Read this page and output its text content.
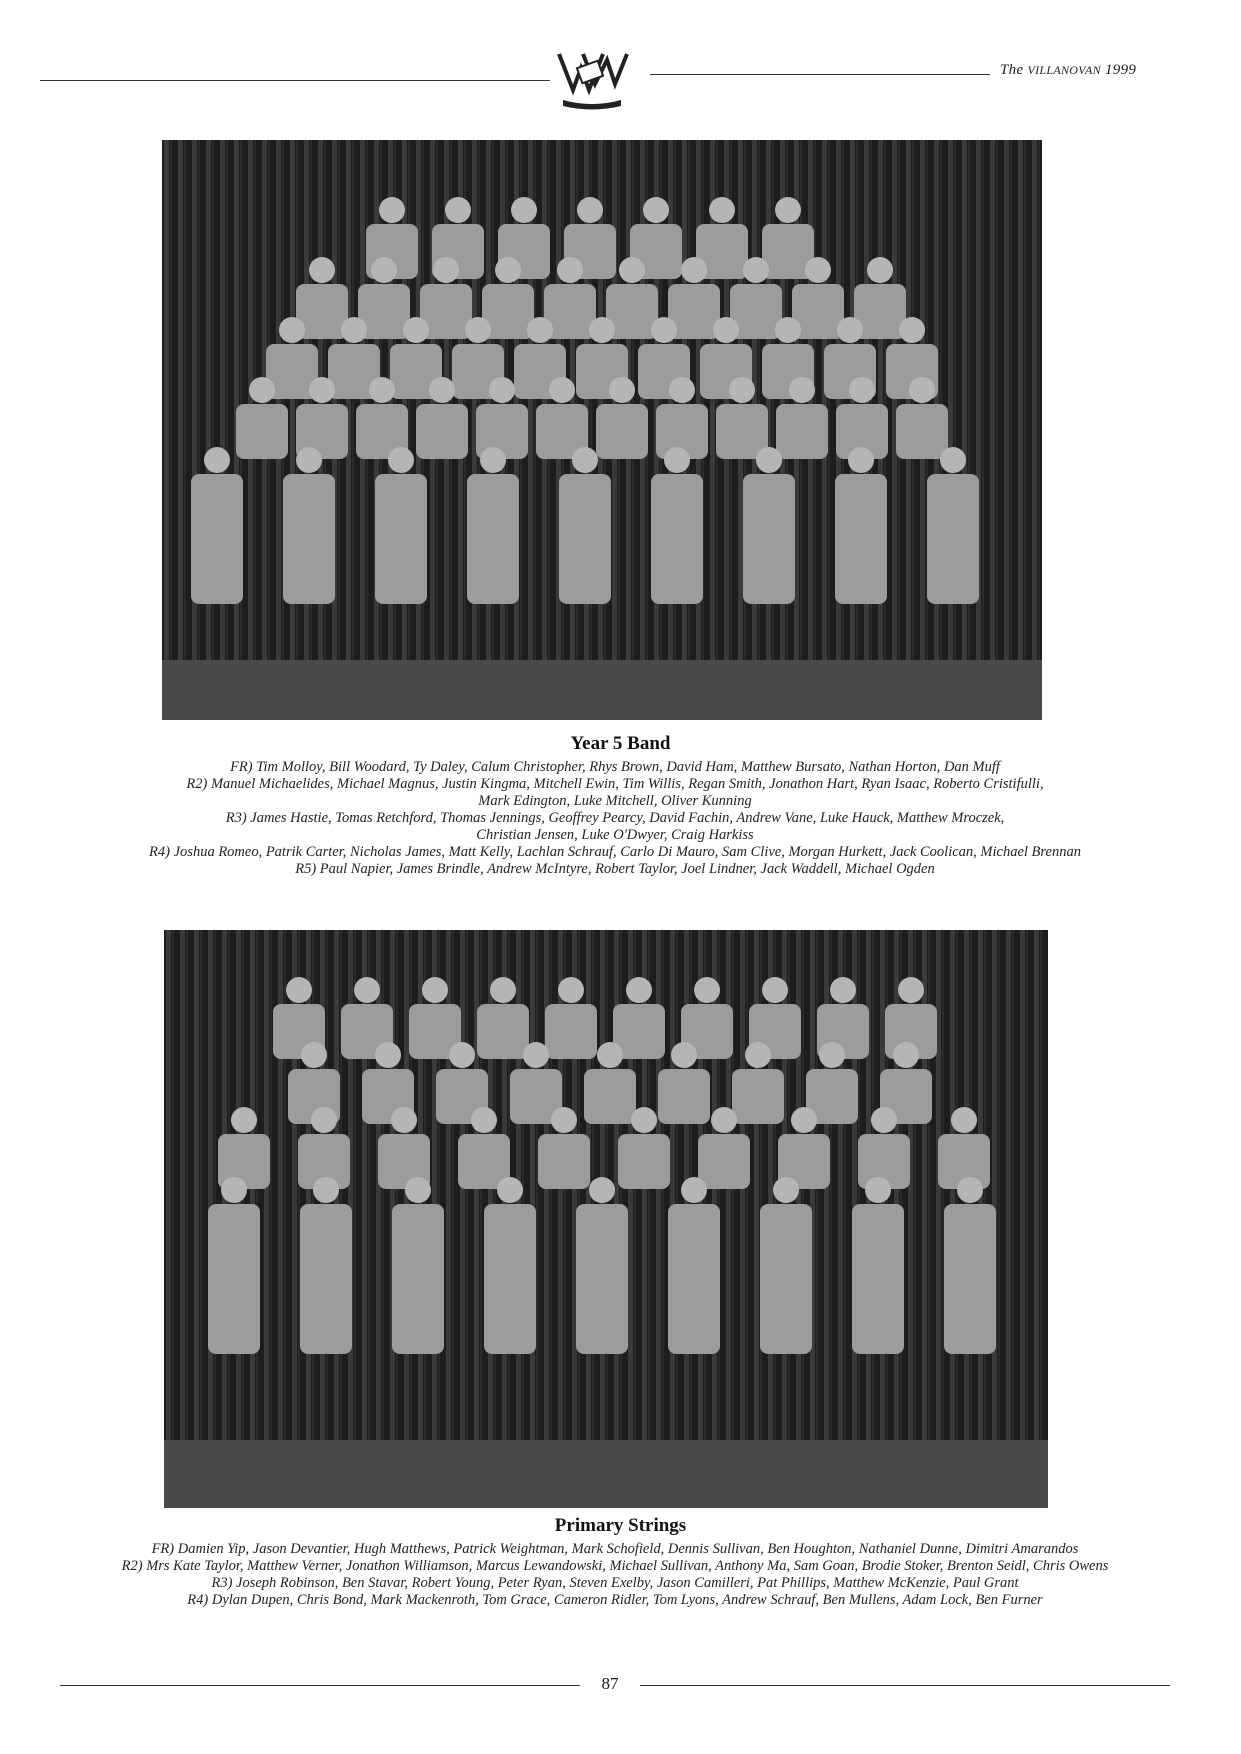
The VILLANOVAN 1999
Year 5 Band

FR) Tim Molloy, Bill Woodard, Ty Daley, Calum Christopher, Rhys Brown, David Ham, Matthew Bursato, Nathan Horton, Dan Muff

R2) Manuel Michaelides, Michael Magnus, Justin Kingma, Mitchell Ewin, Tim Willis, Regan Smith, Jonathon Hart, Ryan Isaac, Roberto Cristifulli,

Mark Edington, Luke Mitchell, Oliver Kunning

R3) James Hastie, Tomas Retchford, Thomas Jennings, Geoffrey Pearcy, David Fachin, Andrew Vane, Luke Hauck, Matthew Mroczek,

Christian Jensen, Luke O'Dwyer, Craig Harkiss

R4) Joshua Romeo, Patrik Carter, Nicholas James, Matt Kelly, Lachlan Schrauf, Carlo Di Mauro, Sam Clive, Morgan Hurkett, Jack Coolican, Michael Brennan

R5) Paul Napier, James Brindle, Andrew McIntyre, Robert Taylor, Joel Lindner, Jack Waddell, Michael Ogden

Primary Strings

FR) Damien Yip, Jason Devantier, Hugh Matthews, Patrick Weightman, Mark Schofield, Dennis Sullivan, Ben Houghton, Nathaniel Dunne, Dimitri Amarandos

R2) Mrs Kate Taylor, Matthew Verner, Jonathon Williamson, Marcus Lewandowski, Michael Sullivan, Anthony Ma, Sam Goan, Brodie Stoker, Brenton Seidl, Chris Owens

R3) Joseph Robinson, Ben Stavar, Robert Young, Peter Ryan, Steven Exelby, Jason Camilleri, Pat Phillips, Matthew McKenzie, Paul Grant

R4) Dylan Dupen, Chris Bond, Mark Mackenroth, Tom Grace, Cameron Ridler, Tom Lyons, Andrew Schrauf, Ben Mullens, Adam Lock, Ben Furner

87
